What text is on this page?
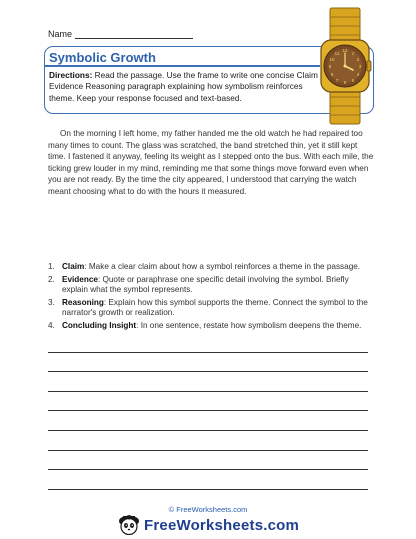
Name
Symbolic Growth
Directions: Read the passage. Use the frame to write one concise Claim Evidence Reasoning paragraph explaining how symbolism reinforces theme. Keep your response focused and text-based.
12
3
6
9
1
2
4
5
7
8
10
11

On the morning I left home, my father handed me the old watch he had repaired too many times to count. The glass was scratched, the band stretched thin, yet it still kept time. I fastened it anyway, feeling its weight as I stepped onto the bus. With each mile, the ticking grew louder in my mind, reminding me that some things move forward even when you are not ready. By the time the city appeared, I understood that carrying the watch meant choosing what to do with the hours it measured.

1. Claim: Make a clear claim about how a symbol reinforces a theme in the passage.
2. Evidence: Quote or paraphrase one specific detail involving the symbol. Briefly explain what the symbol represents.
3. Reasoning: Explain how this symbol supports the theme. Connect the symbol to the narrator's growth or realization.
4. Concluding Insight: In one sentence, restate how symbolism deepens the theme.
© FreeWorksheets.com
FreeWorksheets.com
